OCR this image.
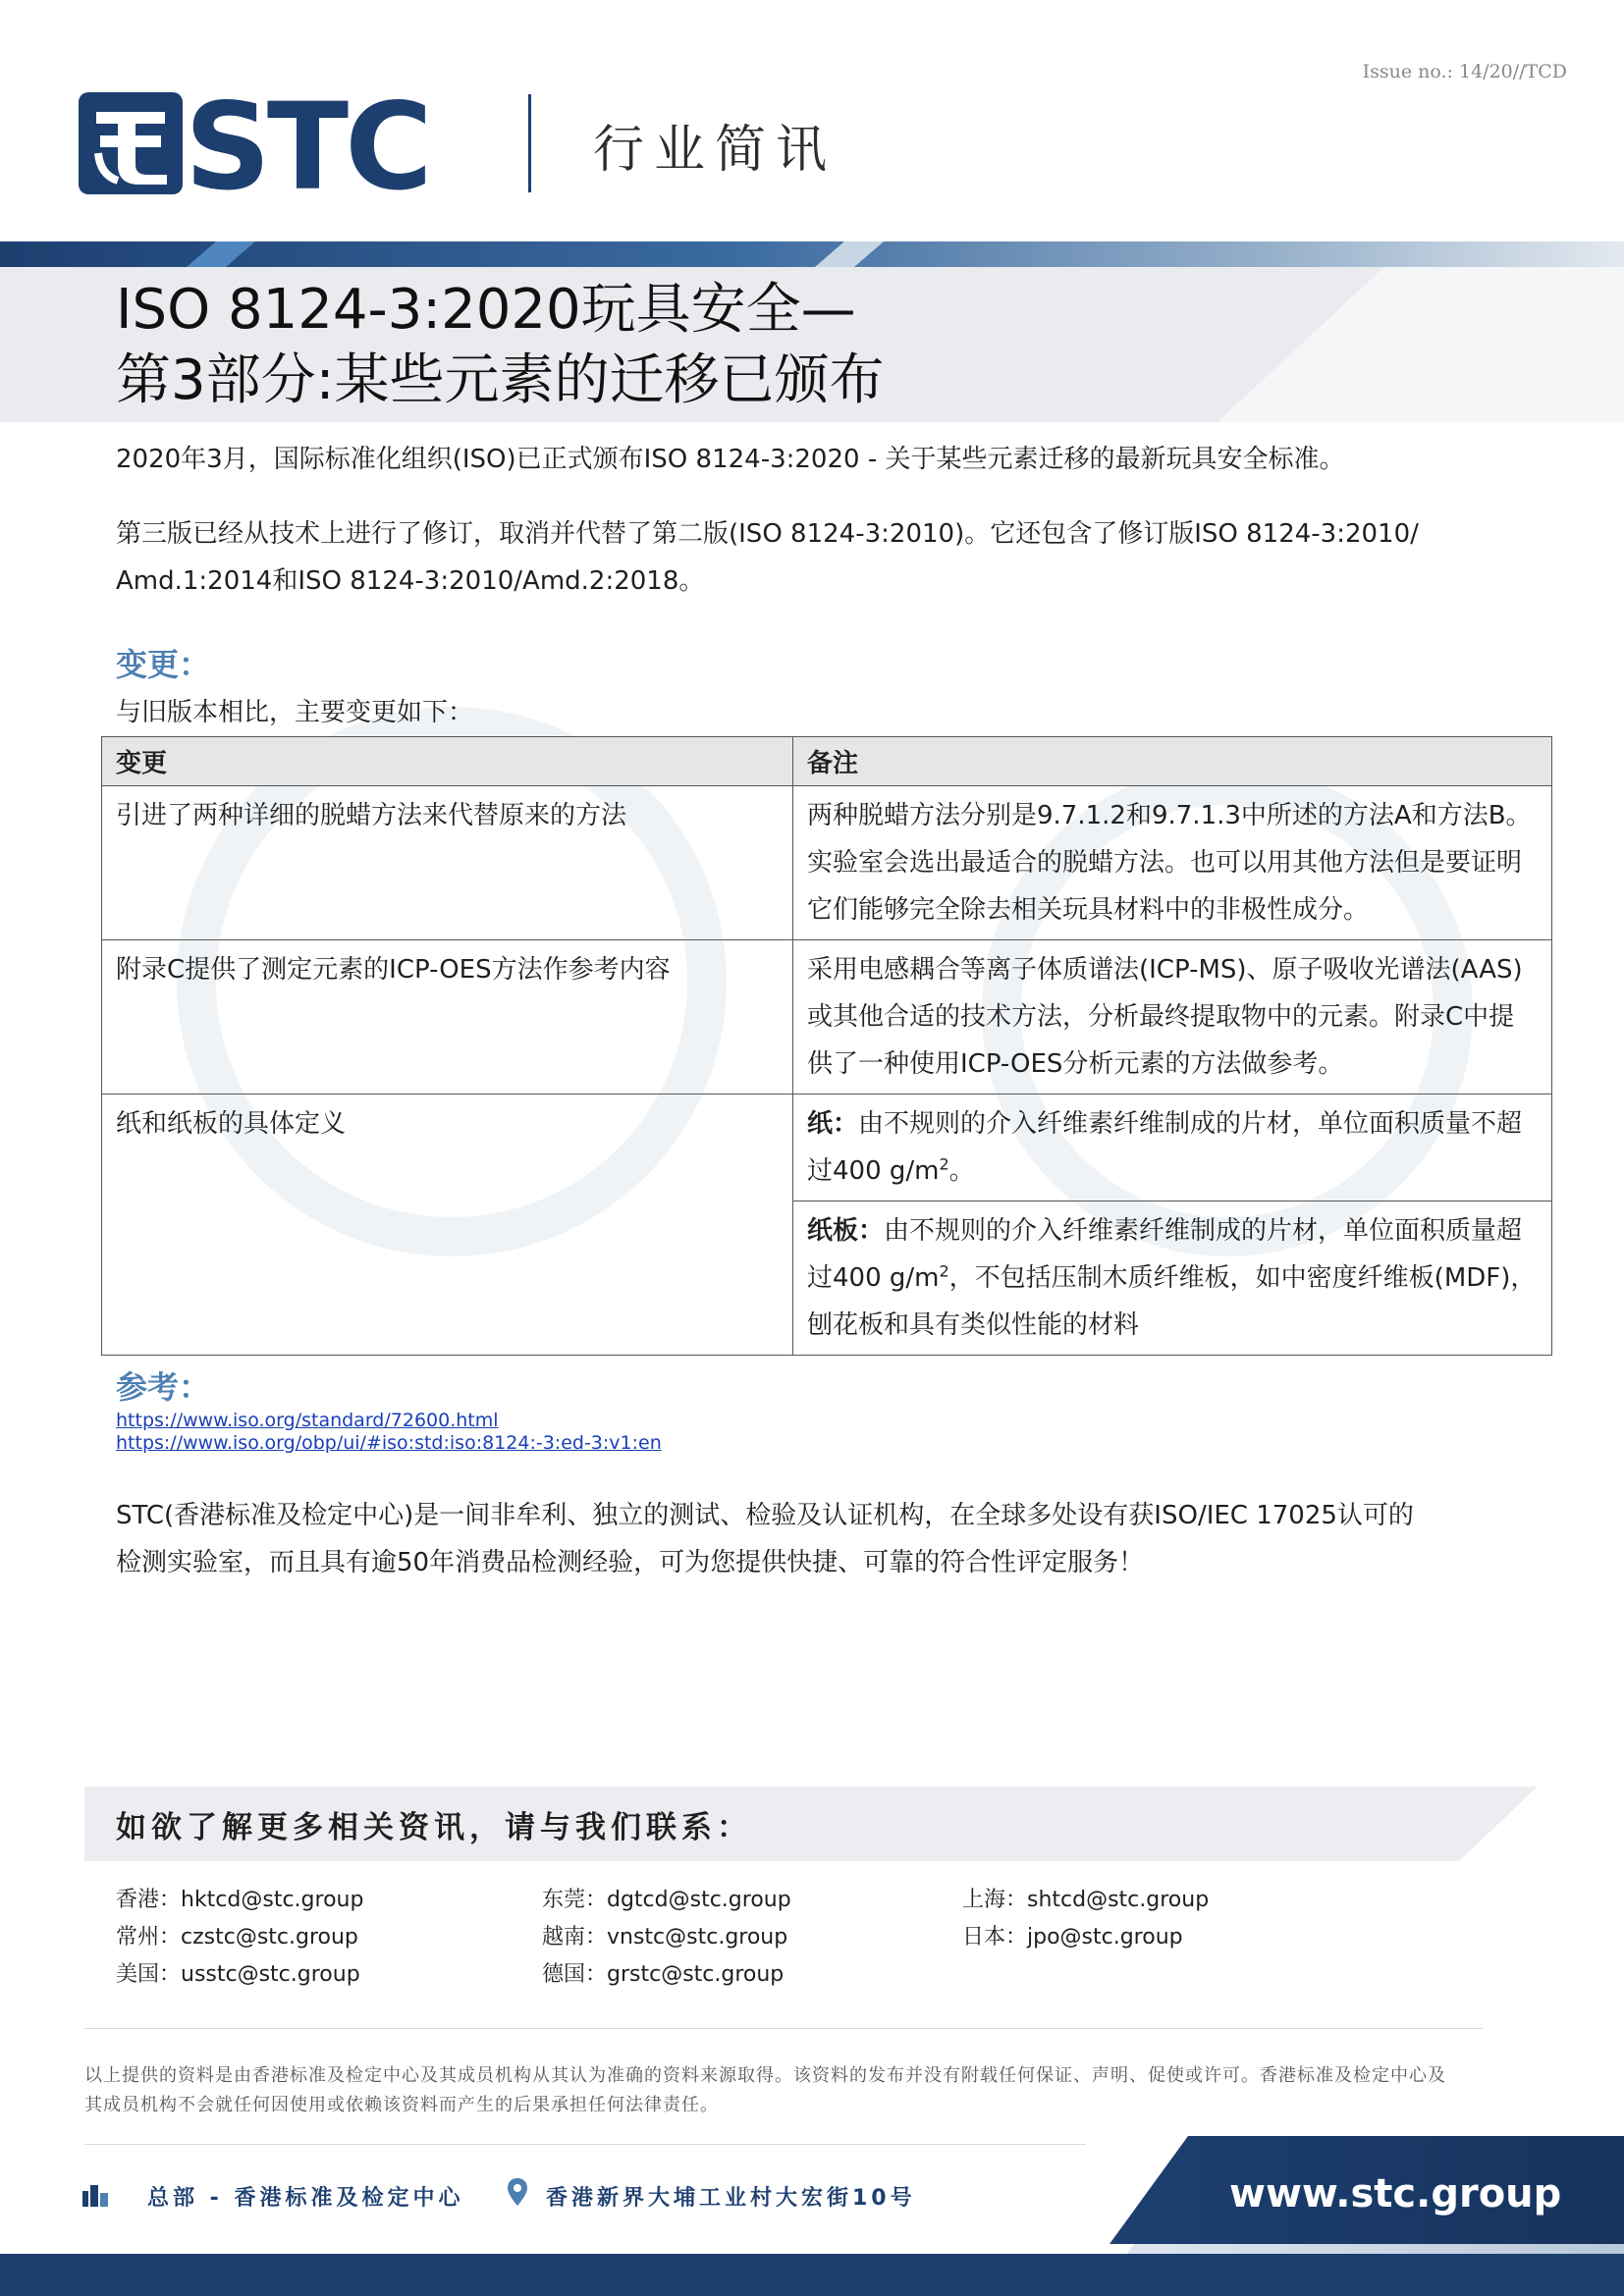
Issue no.: 14/20//TCD
STC	行业简讯
ISO 8124-3:2020玩具安全—
第3部分:某些元素的迁移已颁布
2020年3月，国际标准化组织(ISO)已正式颁布ISO 8124-3:2020 - 关于某些元素迁移的最新玩具安全标准。
第三版已经从技术上进行了修订，取消并代替了第二版(ISO 8124-3:2010)。它还包含了修订版ISO 8124-3:2010/
Amd.1:2014和ISO 8124-3:2010/Amd.2:2018。
变更：
与旧版本相比，主要变更如下：
变更	备注
引进了两种详细的脱蜡方法来代替原来的方法	两种脱蜡方法分别是9.7.1.2和9.7.1.3中所述的方法A和方法B。实验室会选出最适合的脱蜡方法。也可以用其他方法但是要证明它们能够完全除去相关玩具材料中的非极性成分。
附录C提供了测定元素的ICP-OES方法作参考内容	采用电感耦合等离子体质谱法(ICP-MS)、原子吸收光谱法(AAS)或其他合适的技术方法，分析最终提取物中的元素。附录C中提供了一种使用ICP-OES分析元素的方法做参考。
纸和纸板的具体定义	纸：由不规则的介入纤维素纤维制成的片材，单位面积质量不超过400 $g/m^2$。
	纸板：由不规则的介入纤维素纤维制成的片材，单位面积质量超过400 $g/m^2$，不包括压制木质纤维板，如中密度纤维板(MDF)，刨花板和具有类似性能的材料
参考：
https://www.iso.org/standard/72600.html
https://www.iso.org/obp/ui/#iso:std:iso:8124:-3:ed-3:v1:en
STC(香港标准及检定中心)是一间非牟利、独立的测试、检验及认证机构，在全球多处设有获ISO/IEC 17025认可的
检测实验室，而且具有逾50年消费品检测经验，可为您提供快捷、可靠的符合性评定服务！
如欲了解更多相关资讯，请与我们联系：
香港：hktcd@stc.group	东莞：dgtcd@stc.group	上海：shtcd@stc.group
常州：czstc@stc.group	越南：vnstc@stc.group	日本：jpo@stc.group
美国：usstc@stc.group	德国：grstc@stc.group
以上提供的资料是由香港标准及检定中心及其成员机构从其认为准确的资料来源取得。该资料的发布并没有附载任何保证、声明、促使或许可。香港标准及检定中心及其成员机构不会就任何因使用或依赖该资料而产生的后果承担任何法律责任。
总部 - 香港标准及检定中心	香港新界大埔工业村大宏街10号	www.stc.group
